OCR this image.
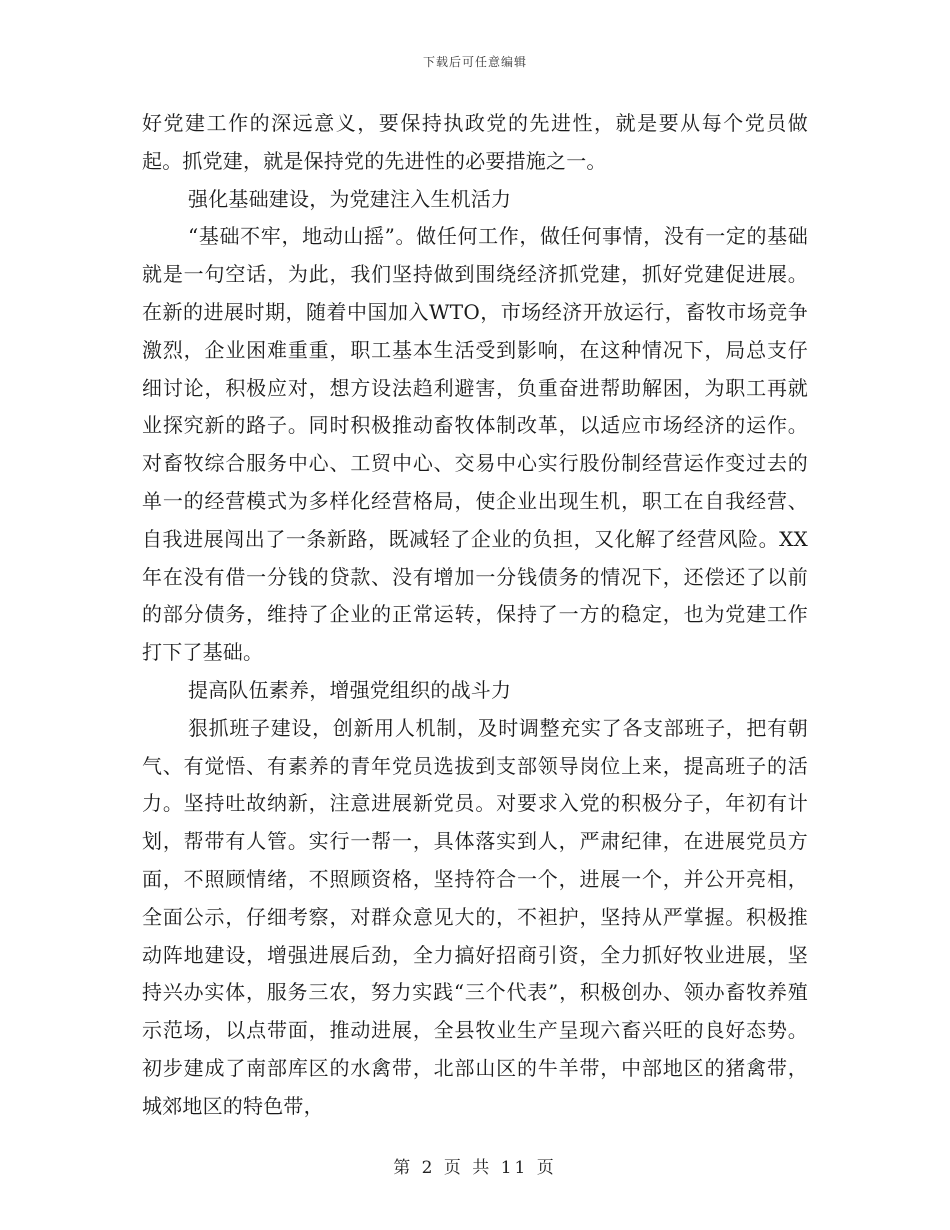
下载后可任意编辑

好党建工作的深远意义，要保持执政党的先进性，就是要从每个党员做起。抓党建，就是保持党的先进性的必要措施之一。

强化基础建设，为党建注入生机活力

“基础不牢，地动山摇”。做任何工作，做任何事情，没有一定的基础就是一句空话，为此，我们坚持做到围绕经济抓党建，抓好党建促进展。在新的进展时期，随着中国加入WTO，市场经济开放运行，畜牧市场竞争激烈，企业困难重重，职工基本生活受到影响，在这种情况下，局总支仔细讨论，积极应对，想方设法趋利避害，负重奋进帮助解困，为职工再就业探究新的路子。同时积极推动畜牧体制改革，以适应市场经济的运作。对畜牧综合服务中心、工贸中心、交易中心实行股份制经营运作变过去的单一的经营模式为多样化经营格局，使企业出现生机，职工在自我经营、自我进展闯出了一条新路，既减轻了企业的负担，又化解了经营风险。XX年在没有借一分钱的贷款、没有增加一分钱债务的情况下，还偿还了以前的部分债务，维持了企业的正常运转，保持了一方的稳定，也为党建工作打下了基础。

提高队伍素养，增强党组织的战斗力

狠抓班子建设，创新用人机制，及时调整充实了各支部班子，把有朝气、有觉悟、有素养的青年党员选拔到支部领导岗位上来，提高班子的活力。坚持吐故纳新，注意进展新党员。对要求入党的积极分子，年初有计划，帮带有人管。实行一帮一，具体落实到人，严肃纪律，在进展党员方面，不照顾情绪，不照顾资格，坚持符合一个，进展一个，并公开亮相，全面公示，仔细考察，对群众意见大的，不袒护，坚持从严掌握。积极推动阵地建设，增强进展后劲，全力搞好招商引资，全力抓好牧业进展，坚持兴办实体，服务三农，努力实践“三个代表”，积极创办、领办畜牧养殖示范场，以点带面，推动进展，全县牧业生产呈现六畜兴旺的良好态势。初步建成了南部库区的水禽带，北部山区的牛羊带，中部地区的猪禽带，城郊地区的特色带，

第 2 页 共 11 页
